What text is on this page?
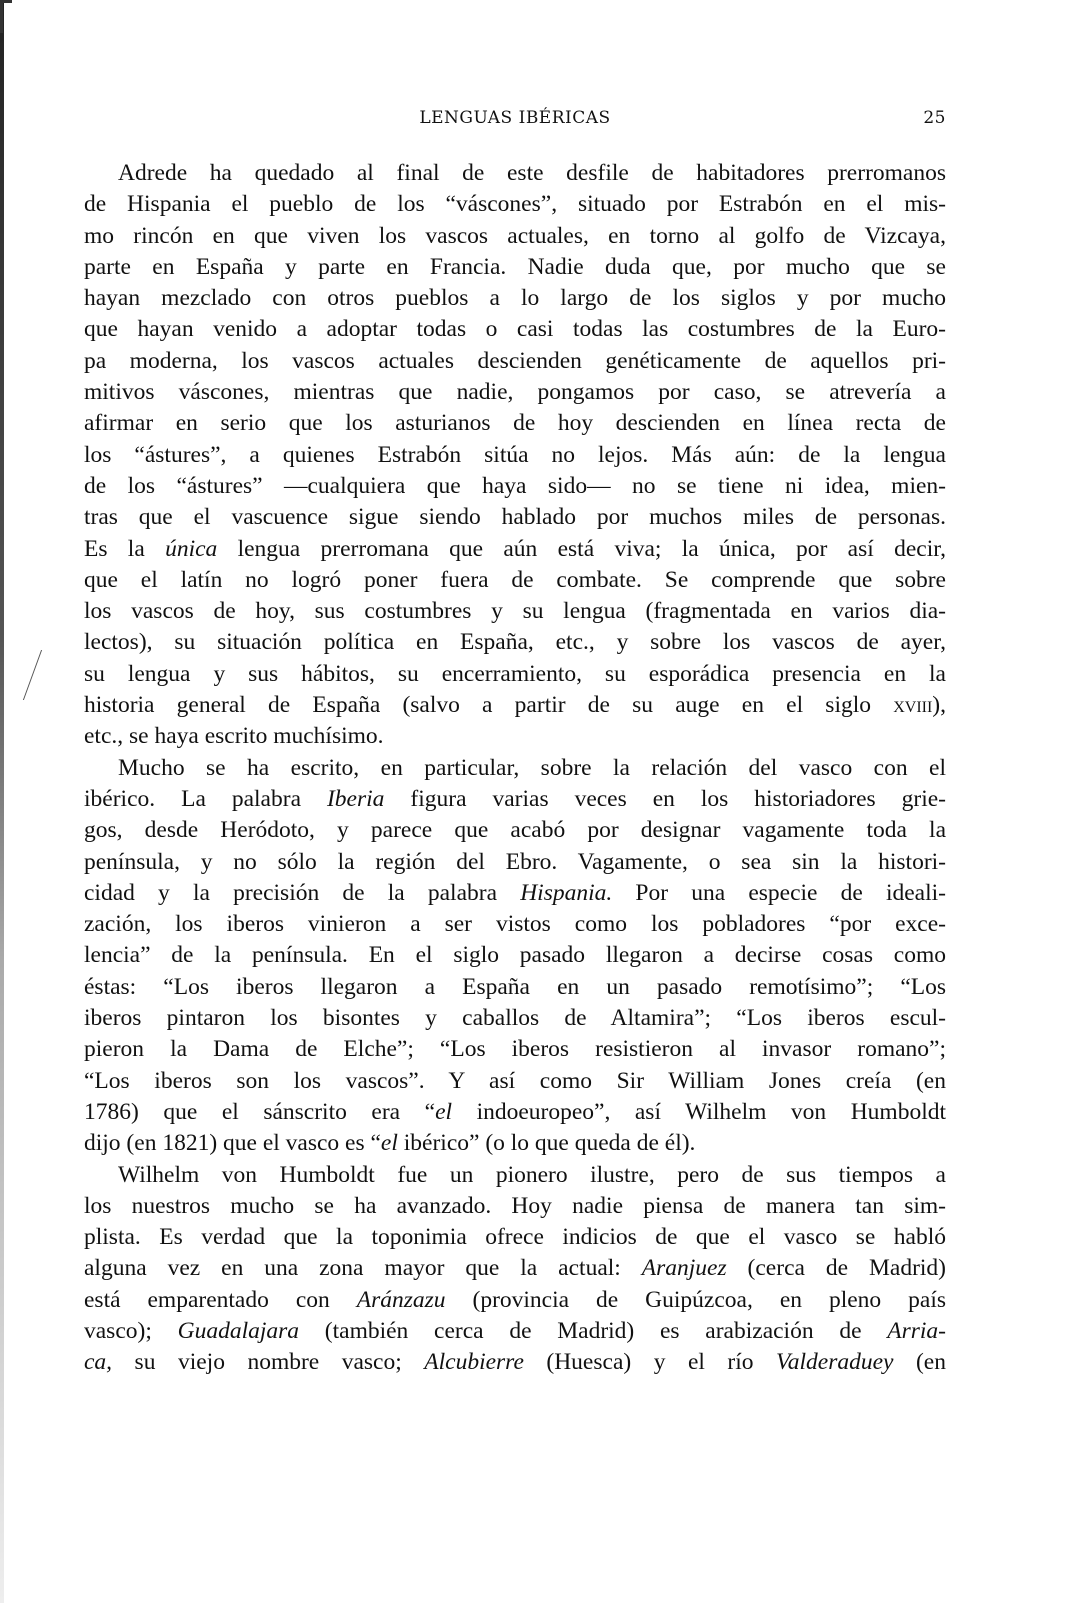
LENGUAS IBÉRICAS	25
Adrede ha quedado al final de este desfile de habitadores prerromanos
de Hispania el pueblo de los “váscones”, situado por Estrabón en el mis-
mo rincón en que viven los vascos actuales, en torno al golfo de Vizcaya,
parte en España y parte en Francia. Nadie duda que, por mucho que se
hayan mezclado con otros pueblos a lo largo de los siglos y por mucho
que hayan venido a adoptar todas o casi todas las costumbres de la Euro-
pa moderna, los vascos actuales descienden genéticamente de aquellos pri-
mitivos váscones, mientras que nadie, pongamos por caso, se atrevería a
afirmar en serio que los asturianos de hoy descienden en línea recta de
los “ástures”, a quienes Estrabón sitúa no lejos. Más aún: de la lengua
de los “ástures” —cualquiera que haya sido— no se tiene ni idea, mien-
tras que el vascuence sigue siendo hablado por muchos miles de personas.
Es la única lengua prerromana que aún está viva; la única, por así decir,
que el latín no logró poner fuera de combate. Se comprende que sobre
los vascos de hoy, sus costumbres y su lengua (fragmentada en varios dia-
lectos), su situación política en España, etc., y sobre los vascos de ayer,
su lengua y sus hábitos, su encerramiento, su esporádica presencia en la
historia general de España (salvo a partir de su auge en el siglo xviii),
etc., se haya escrito muchísimo.
Mucho se ha escrito, en particular, sobre la relación del vasco con el
ibérico. La palabra Iberia figura varias veces en los historiadores grie-
gos, desde Heródoto, y parece que acabó por designar vagamente toda la
península, y no sólo la región del Ebro. Vagamente, o sea sin la histori-
cidad y la precisión de la palabra Hispania. Por una especie de ideali-
zación, los iberos vinieron a ser vistos como los pobladores “por exce-
lencia” de la península. En el siglo pasado llegaron a decirse cosas como
éstas: “Los iberos llegaron a España en un pasado remotísimo”; “Los
iberos pintaron los bisontes y caballos de Altamira”; “Los iberos escul-
pieron la Dama de Elche”; “Los iberos resistieron al invasor romano”;
“Los iberos son los vascos”. Y así como Sir William Jones creía (en
1786) que el sánscrito era “el indoeuropeo”, así Wilhelm von Humboldt
dijo (en 1821) que el vasco es “el ibérico” (o lo que queda de él).
Wilhelm von Humboldt fue un pionero ilustre, pero de sus tiempos a
los nuestros mucho se ha avanzado. Hoy nadie piensa de manera tan sim-
plista. Es verdad que la toponimia ofrece indicios de que el vasco se habló
alguna vez en una zona mayor que la actual: Aranjuez (cerca de Madrid)
está emparentado con Aránzazu (provincia de Guipúzcoa, en pleno país
vasco); Guadalajara (también cerca de Madrid) es arabización de Arria-
ca, su viejo nombre vasco; Alcubierre (Huesca) y el río Valderaduey (en
